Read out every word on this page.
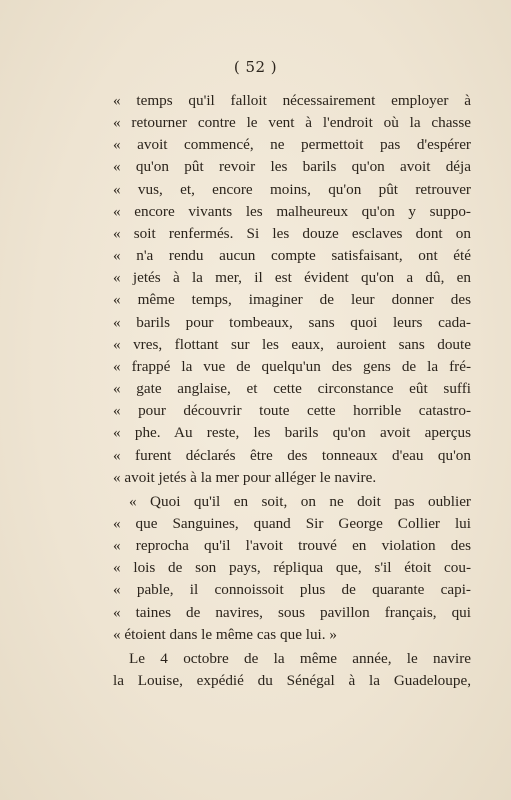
( 52 )
« temps qu'il falloit nécessairement employer à
« retourner contre le vent à l'endroit où la chasse
« avoit commencé, ne permettoit pas d'espérer
« qu'on pût revoir les barils qu'on avoit déja
« vus, et, encore moins, qu'on pût retrouver
« encore vivants les malheureux qu'on y suppo-
« soit renfermés. Si les douze esclaves dont on
« n'a rendu aucun compte satisfaisant, ont été
« jetés à la mer, il est évident qu'on a dû, en
« même temps, imaginer de leur donner des
« barils pour tombeaux, sans quoi leurs cada-
« vres, flottant sur les eaux, auroient sans doute
« frappé la vue de quelqu'un des gens de la fré-
« gate anglaise, et cette circonstance eût suffi
« pour découvrir toute cette horrible catastro-
« phe. Au reste, les barils qu'on avoit aperçus
« furent déclarés être des tonneaux d'eau qu'on
« avoit jetés à la mer pour alléger le navire.
« Quoi qu'il en soit, on ne doit pas oublier
« que Sanguines, quand Sir George Collier lui
« reprocha qu'il l'avoit trouvé en violation des
« lois de son pays, répliqua que, s'il étoit cou-
« pable, il connoissoit plus de quarante capi-
« taines de navires, sous pavillon français, qui
« étoient dans le même cas que lui. »
Le 4 octobre de la même année, le navire
la Louise, expédié du Sénégal à la Guadeloupe,
